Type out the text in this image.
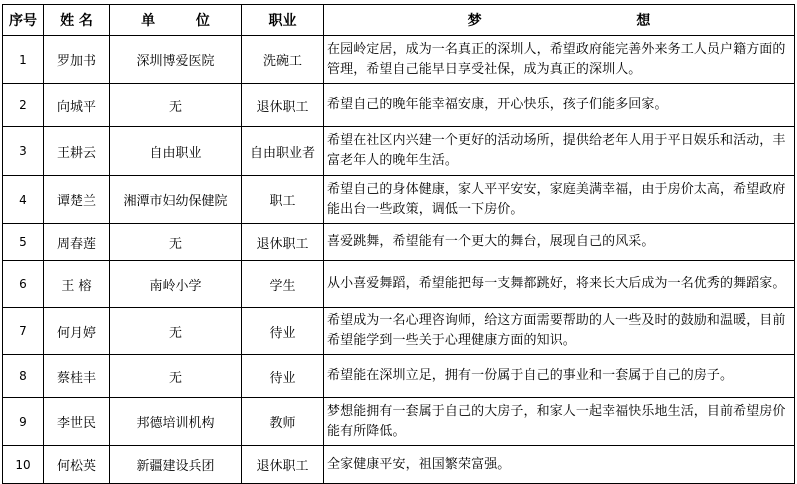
序号	姓 名	单 位	职业	梦 想
1	罗加书	深圳博爱医院	洗碗工	在园岭定居，成为一名真正的深圳人，希望政府能完善外来务工人员户籍方面的管理，希望自己能早日享受社保，成为真正的深圳人。
2	向城平	无	退休职工	希望自己的晚年能幸福安康，开心快乐，孩子们能多回家。
3	王耕云	自由职业	自由职业者	希望在社区内兴建一个更好的活动场所，提供给老年人用于平日娱乐和活动，丰富老年人的晚年生活。
4	谭楚兰	湘潭市妇幼保健院	职工	希望自己的身体健康，家人平平安安，家庭美满幸福，由于房价太高，希望政府能出台一些政策，调低一下房价。
5	周春莲	无	退休职工	喜爱跳舞，希望能有一个更大的舞台，展现自己的风采。
6	王 榕	南岭小学	学生	从小喜爱舞蹈，希望能把每一支舞都跳好，将来长大后成为一名优秀的舞蹈家。
7	何月婷	无	待业	希望成为一名心理咨询师，给这方面需要帮助的人一些及时的鼓励和温暖，目前希望能学到一些关于心理健康方面的知识。
8	蔡桂丰	无	待业	希望能在深圳立足，拥有一份属于自己的事业和一套属于自己的房子。
9	李世民	邦德培训机构	教师	梦想能拥有一套属于自己的大房子，和家人一起幸福快乐地生活，目前希望房价能有所降低。
10	何松英	新疆建设兵团	退休职工	全家健康平安，祖国繁荣富强。
